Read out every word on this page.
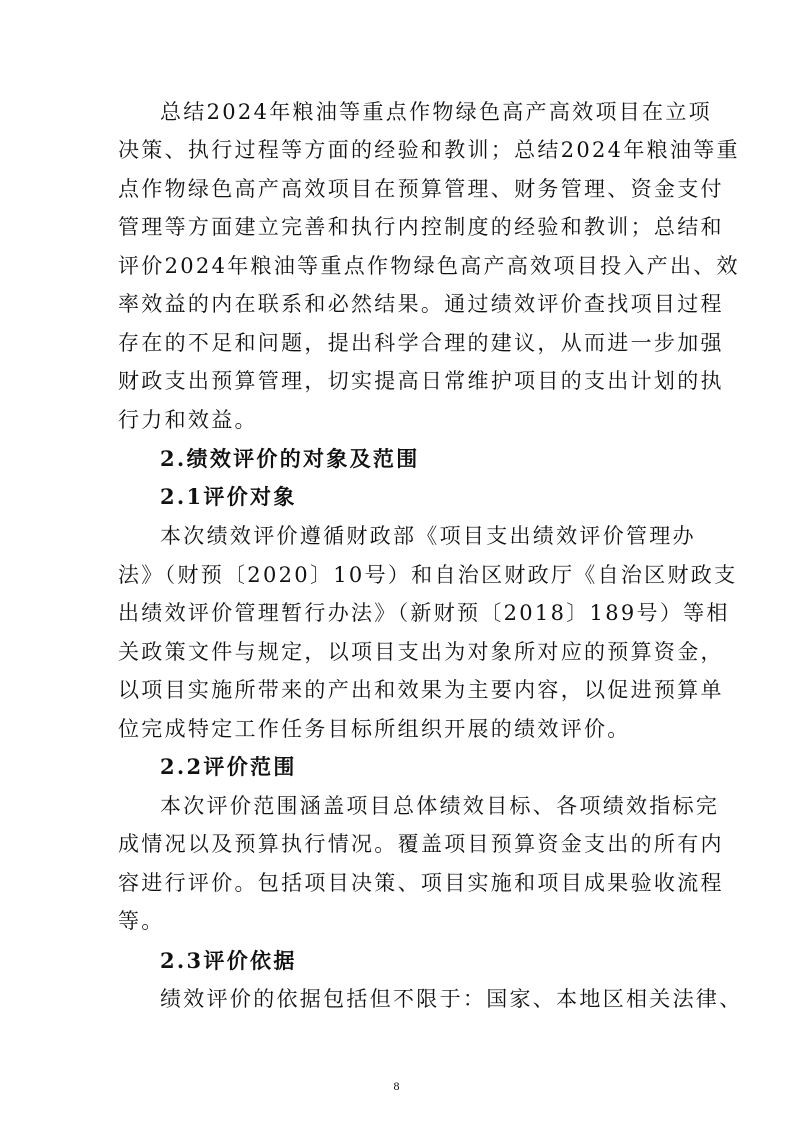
总结2024年粮油等重点作物绿色高产高效项目在立项
决策、执行过程等方面的经验和教训；总结2024年粮油等重
点作物绿色高产高效项目在预算管理、财务管理、资金支付
管理等方面建立完善和执行内控制度的经验和教训；总结和
评价2024年粮油等重点作物绿色高产高效项目投入产出、效
率效益的内在联系和必然结果。通过绩效评价查找项目过程
存在的不足和问题，提出科学合理的建议，从而进一步加强
财政支出预算管理，切实提高日常维护项目的支出计划的执
行力和效益。
2.绩效评价的对象及范围
2.1评价对象
本次绩效评价遵循财政部《项目支出绩效评价管理办
法》（财预〔2020〕10号）和自治区财政厅《自治区财政支
出绩效评价管理暂行办法》（新财预〔2018〕189号）等相
关政策文件与规定，以项目支出为对象所对应的预算资金，
以项目实施所带来的产出和效果为主要内容，以促进预算单
位完成特定工作任务目标所组织开展的绩效评价。
2.2评价范围
本次评价范围涵盖项目总体绩效目标、各项绩效指标完
成情况以及预算执行情况。覆盖项目预算资金支出的所有内
容进行评价。包括项目决策、项目实施和项目成果验收流程
等。
8
2.3评价依据
绩效评价的依据包括但不限于：国家、本地区相关法律、
